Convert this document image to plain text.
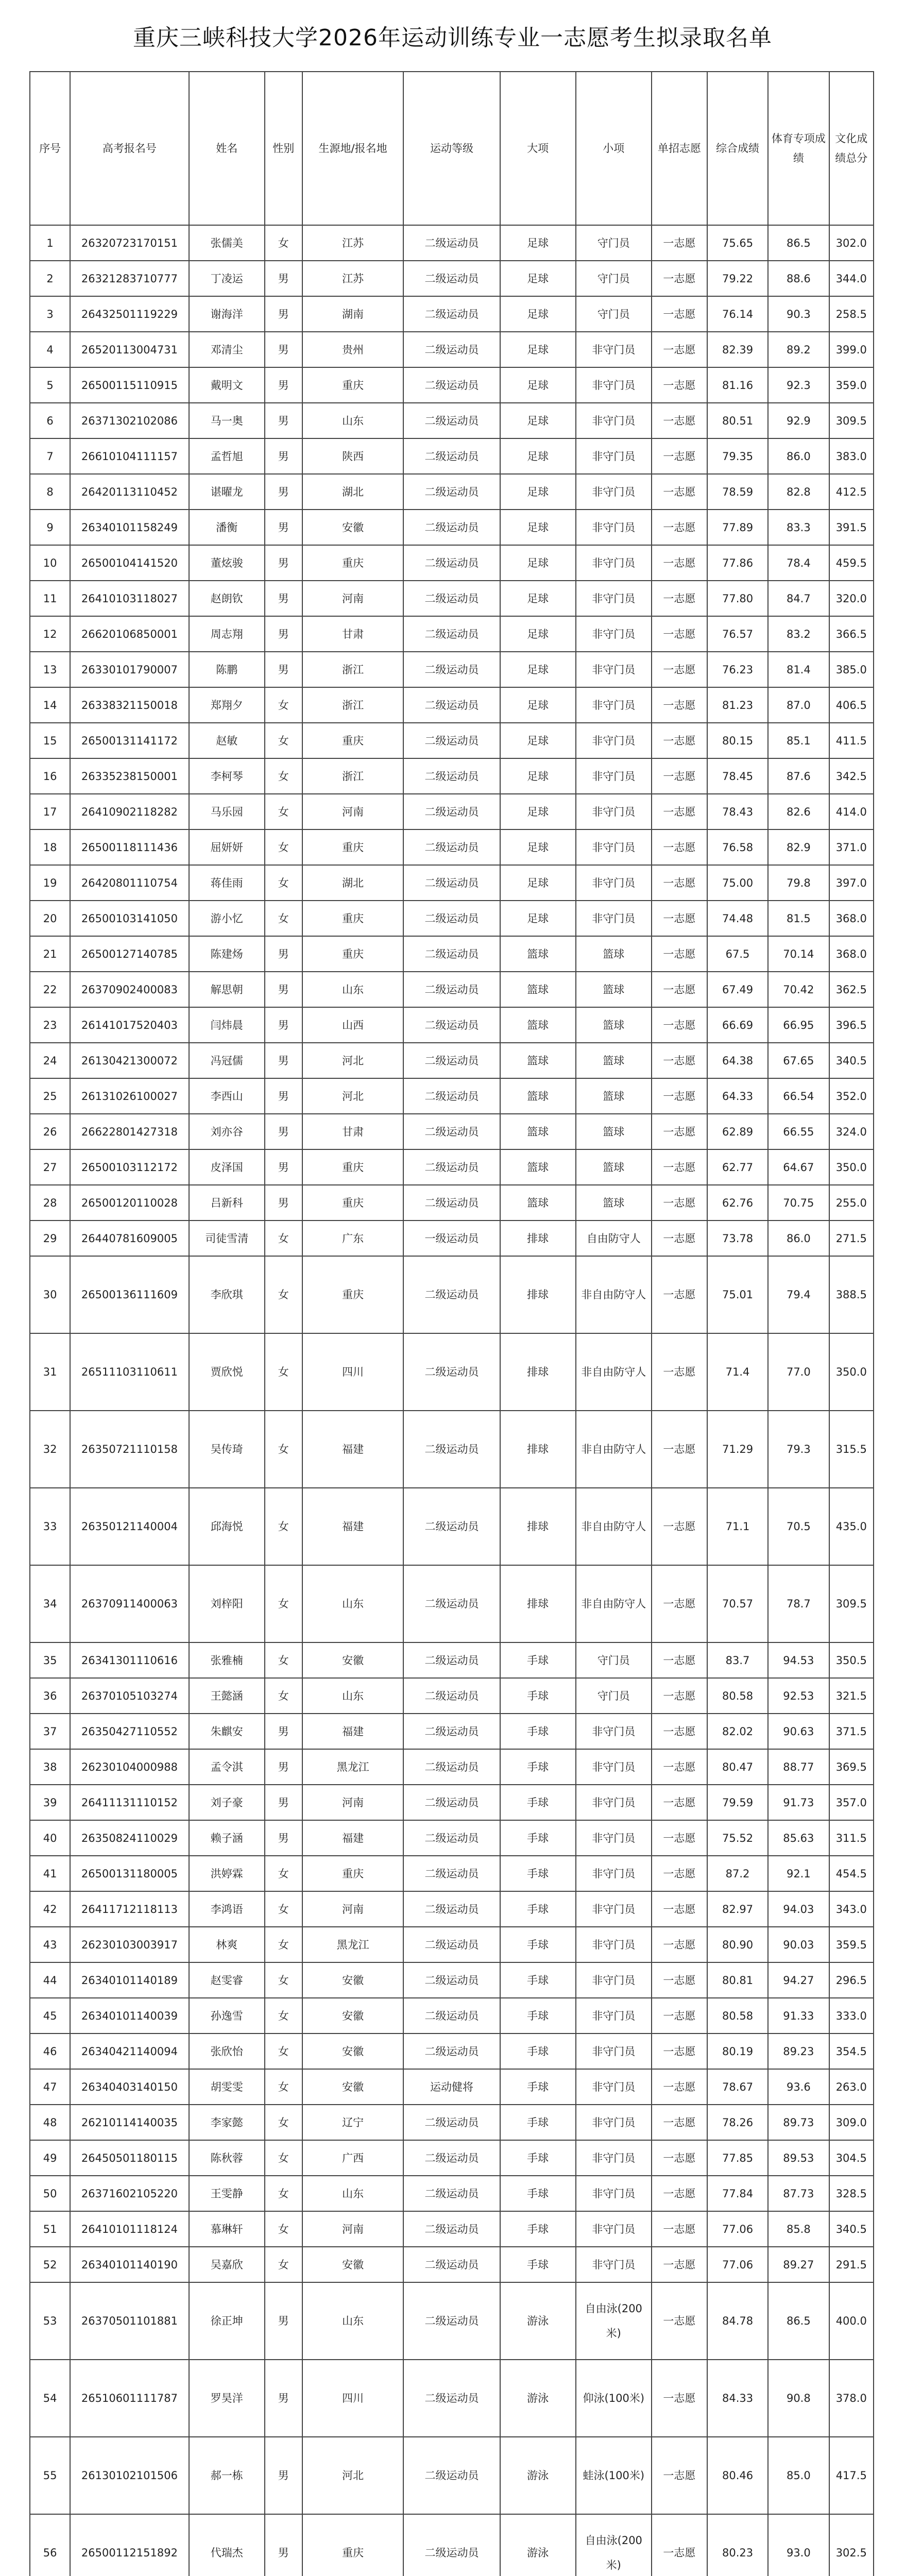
重庆三峡科技大学2026年运动训练专业一志愿考生拟录取名单
序号	高考报名号	姓名	性别	生源地/报名地	运动等级	大项	小项	单招志愿	综合成绩	体育专项成绩	文化成绩总分
1	26320723170151	张儒美	女	江苏	二级运动员	足球	守门员	一志愿	75.65	86.5	302.0
2	26321283710777	丁凌运	男	江苏	二级运动员	足球	守门员	一志愿	79.22	88.6	344.0
3	26432501119229	谢海洋	男	湖南	二级运动员	足球	守门员	一志愿	76.14	90.3	258.5
4	26520113004731	邓清尘	男	贵州	二级运动员	足球	非守门员	一志愿	82.39	89.2	399.0
5	26500115110915	戴明文	男	重庆	二级运动员	足球	非守门员	一志愿	81.16	92.3	359.0
6	26371302102086	马一奥	男	山东	二级运动员	足球	非守门员	一志愿	80.51	92.9	309.5
7	26610104111157	孟哲旭	男	陕西	二级运动员	足球	非守门员	一志愿	79.35	86.0	383.0
8	26420113110452	谌曜龙	男	湖北	二级运动员	足球	非守门员	一志愿	78.59	82.8	412.5
9	26340101158249	潘衡	男	安徽	二级运动员	足球	非守门员	一志愿	77.89	83.3	391.5
10	26500104141520	董炫骏	男	重庆	二级运动员	足球	非守门员	一志愿	77.86	78.4	459.5
11	26410103118027	赵朗钦	男	河南	二级运动员	足球	非守门员	一志愿	77.80	84.7	320.0
12	26620106850001	周志翔	男	甘肃	二级运动员	足球	非守门员	一志愿	76.57	83.2	366.5
13	26330101790007	陈鹏	男	浙江	二级运动员	足球	非守门员	一志愿	76.23	81.4	385.0
14	26338321150018	郑翔夕	女	浙江	二级运动员	足球	非守门员	一志愿	81.23	87.0	406.5
15	26500131141172	赵敏	女	重庆	二级运动员	足球	非守门员	一志愿	80.15	85.1	411.5
16	26335238150001	李柯琴	女	浙江	二级运动员	足球	非守门员	一志愿	78.45	87.6	342.5
17	26410902118282	马乐园	女	河南	二级运动员	足球	非守门员	一志愿	78.43	82.6	414.0
18	26500118111436	屈妍妍	女	重庆	二级运动员	足球	非守门员	一志愿	76.58	82.9	371.0
19	26420801110754	蒋佳雨	女	湖北	二级运动员	足球	非守门员	一志愿	75.00	79.8	397.0
20	26500103141050	游小忆	女	重庆	二级运动员	足球	非守门员	一志愿	74.48	81.5	368.0
21	26500127140785	陈建炀	男	重庆	二级运动员	篮球	篮球	一志愿	67.5	70.14	368.0
22	26370902400083	解思朝	男	山东	二级运动员	篮球	篮球	一志愿	67.49	70.42	362.5
23	26141017520403	闫炜晨	男	山西	二级运动员	篮球	篮球	一志愿	66.69	66.95	396.5
24	26130421300072	冯冠儒	男	河北	二级运动员	篮球	篮球	一志愿	64.38	67.65	340.5
25	26131026100027	李西山	男	河北	二级运动员	篮球	篮球	一志愿	64.33	66.54	352.0
26	26622801427318	刘亦谷	男	甘肃	二级运动员	篮球	篮球	一志愿	62.89	66.55	324.0
27	26500103112172	皮泽国	男	重庆	二级运动员	篮球	篮球	一志愿	62.77	64.67	350.0
28	26500120110028	吕新科	男	重庆	二级运动员	篮球	篮球	一志愿	62.76	70.75	255.0
29	26440781609005	司徒雪清	女	广东	一级运动员	排球	自由防守人	一志愿	73.78	86.0	271.5
30	26500136111609	李欣琪	女	重庆	二级运动员	排球	非自由防守人	一志愿	75.01	79.4	388.5
31	26511103110611	贾欣悦	女	四川	二级运动员	排球	非自由防守人	一志愿	71.4	77.0	350.0
32	26350721110158	吴传琦	女	福建	二级运动员	排球	非自由防守人	一志愿	71.29	79.3	315.5
33	26350121140004	邱海悦	女	福建	二级运动员	排球	非自由防守人	一志愿	71.1	70.5	435.0
34	26370911400063	刘梓阳	女	山东	二级运动员	排球	非自由防守人	一志愿	70.57	78.7	309.5
35	26341301110616	张雅楠	女	安徽	二级运动员	手球	守门员	一志愿	83.7	94.53	350.5
36	26370105103274	王懿涵	女	山东	二级运动员	手球	守门员	一志愿	80.58	92.53	321.5
37	26350427110552	朱麒安	男	福建	二级运动员	手球	非守门员	一志愿	82.02	90.63	371.5
38	26230104000988	孟令淇	男	黑龙江	二级运动员	手球	非守门员	一志愿	80.47	88.77	369.5
39	26411131110152	刘子豪	男	河南	二级运动员	手球	非守门员	一志愿	79.59	91.73	357.0
40	26350824110029	赖子涵	男	福建	二级运动员	手球	非守门员	一志愿	75.52	85.63	311.5
41	26500131180005	洪婷霖	女	重庆	二级运动员	手球	非守门员	一志愿	87.2	92.1	454.5
42	26411712118113	李鸿语	女	河南	二级运动员	手球	非守门员	一志愿	82.97	94.03	343.0
43	26230103003917	林爽	女	黑龙江	二级运动员	手球	非守门员	一志愿	80.90	90.03	359.5
44	26340101140189	赵雯睿	女	安徽	二级运动员	手球	非守门员	一志愿	80.81	94.27	296.5
45	26340101140039	孙逸雪	女	安徽	二级运动员	手球	非守门员	一志愿	80.58	91.33	333.0
46	26340421140094	张欣怡	女	安徽	二级运动员	手球	非守门员	一志愿	80.19	89.23	354.5
47	26340403140150	胡雯雯	女	安徽	运动健将	手球	非守门员	一志愿	78.67	93.6	263.0
48	26210114140035	李家懿	女	辽宁	二级运动员	手球	非守门员	一志愿	78.26	89.73	309.0
49	26450501180115	陈秋蓉	女	广西	二级运动员	手球	非守门员	一志愿	77.85	89.53	304.5
50	26371602105220	王雯静	女	山东	二级运动员	手球	非守门员	一志愿	77.84	87.73	328.5
51	26410101118124	慕琳轩	女	河南	二级运动员	手球	非守门员	一志愿	77.06	85.8	340.5
52	26340101140190	吴嘉欣	女	安徽	二级运动员	手球	非守门员	一志愿	77.06	89.27	291.5
53	26370501101881	徐正坤	男	山东	二级运动员	游泳	自由泳(200米)	一志愿	84.78	86.5	400.0
54	26510601111787	罗昊洋	男	四川	二级运动员	游泳	仰泳(100米)	一志愿	84.33	90.8	378.0
55	26130102101506	郝一栋	男	河北	二级运动员	游泳	蛙泳(100米)	一志愿	80.46	85.0	417.5
56	26500112151892	代瑞杰	男	重庆	二级运动员	游泳	自由泳(200米)	一志愿	80.23	93.0	302.5
